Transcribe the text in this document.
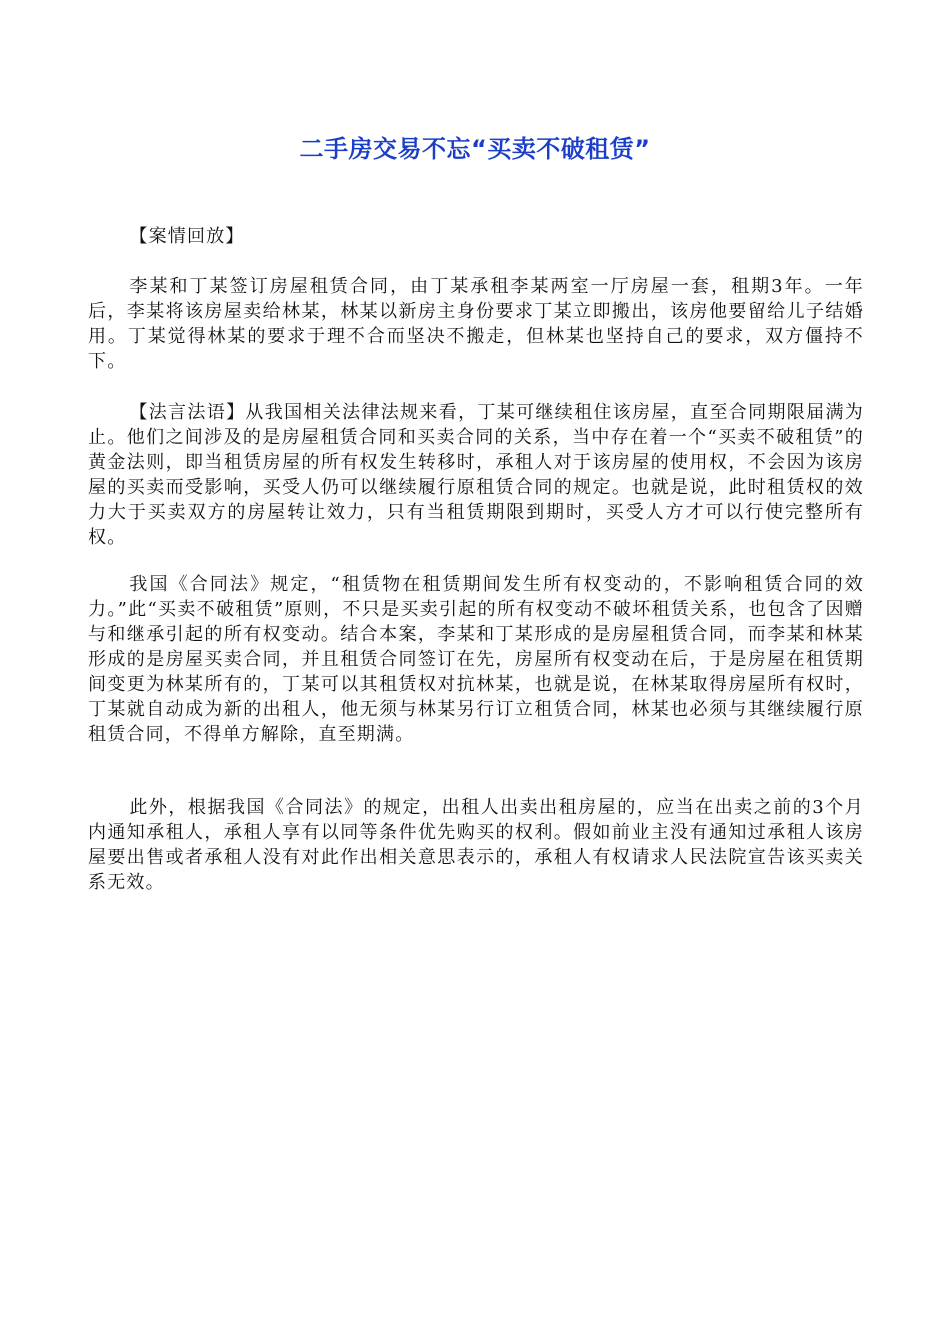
二手房交易不忘“买卖不破租赁”
【案情回放】

李某和丁某签订房屋租赁合同，由丁某承租李某两室一厅房屋一套，租期3年。一年后，李某将该房屋卖给林某，林某以新房主身份要求丁某立即搬出，该房他要留给儿子结婚用。丁某觉得林某的要求于理不合而坚决不搬走，但林某也坚持自己的要求，双方僵持不下。

【法言法语】从我国相关法律法规来看，丁某可继续租住该房屋，直至合同期限届满为止。他们之间涉及的是房屋租赁合同和买卖合同的关系，当中存在着一个“买卖不破租赁”的黄金法则，即当租赁房屋的所有权发生转移时，承租人对于该房屋的使用权，不会因为该房屋的买卖而受影响，买受人仍可以继续履行原租赁合同的规定。也就是说，此时租赁权的效力大于买卖双方的房屋转让效力，只有当租赁期限到期时，买受人方才可以行使完整所有权。

我国《合同法》规定，“租赁物在租赁期间发生所有权变动的，不影响租赁合同的效力。”此“买卖不破租赁”原则，不只是买卖引起的所有权变动不破坏租赁关系，也包含了因赠与和继承引起的所有权变动。结合本案，李某和丁某形成的是房屋租赁合同，而李某和林某形成的是房屋买卖合同，并且租赁合同签订在先，房屋所有权变动在后，于是房屋在租赁期间变更为林某所有的，丁某可以其租赁权对抗林某，也就是说，在林某取得房屋所有权时，丁某就自动成为新的出租人，他无须与林某另行订立租赁合同，林某也必须与其继续履行原租赁合同，不得单方解除，直至期满。

此外，根据我国《合同法》的规定，出租人出卖出租房屋的，应当在出卖之前的3个月内通知承租人，承租人享有以同等条件优先购买的权利。假如前业主没有通知过承租人该房屋要出售或者承租人没有对此作出相关意思表示的，承租人有权请求人民法院宣告该买卖关系无效。
